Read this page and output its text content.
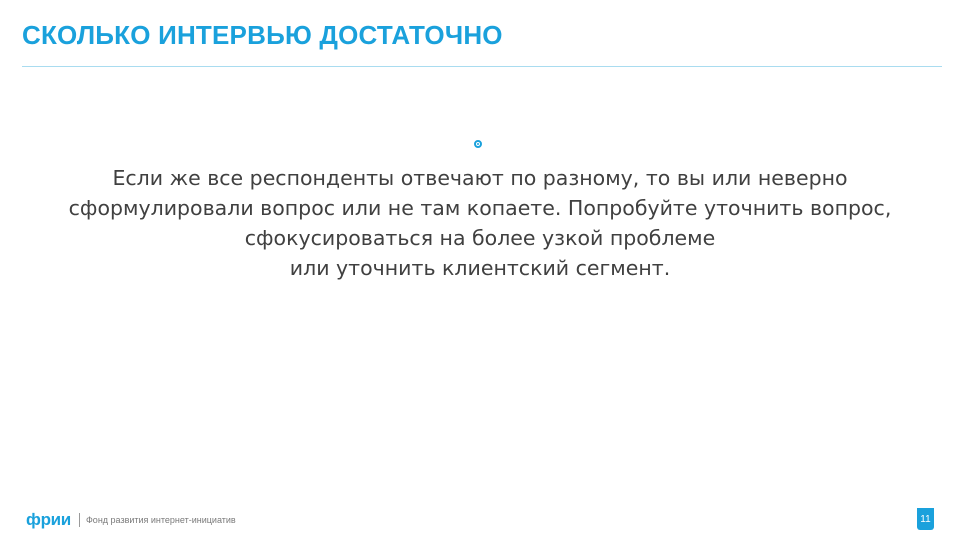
СКОЛЬКО ИНТЕРВЬЮ ДОСТАТОЧНО
Если же все респонденты отвечают по разному, то вы или неверно
сформулировали вопрос или не там копаете. Попробуйте уточнить вопрос,
сфокусироваться на более узкой проблеме
или уточнить клиентский сегмент.
фрии Фонд развития интернет-инициатив	11
